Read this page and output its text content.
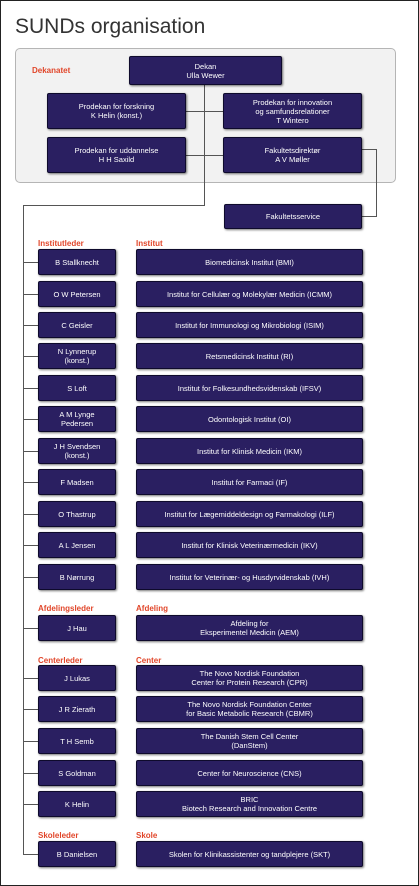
SUNDs organisation
Dekanatet	Dekan
Ulla Wewer
Prodekan for forskning
K Helin (konst.)
Prodekan for innovation
og samfundsrelationer
T Wintero
Prodekan for uddannelse
H H Saxild
Fakultetsdirektør
A V Møller
Fakultetsservice
Institutleder	Institut
Afdelingsleder	Afdeling
Centerleder	Center
Skoleleder	Skole
B Stallknecht	Biomedicinsk Institut (BMI)
O W Petersen	Institut for Cellulær og Molekylær Medicin (ICMM)
C Geisler	Institut for Immunologi og Mikrobiologi (ISIM)
N Lynnerup
(konst.)	Retsmedicinsk Institut (RI)
S Loft	Institut for Folkesundhedsvidenskab (IFSV)
A M Lynge
Pedersen	Odontologisk Institut (OI)
J H Svendsen
(konst.)	Institut for Klinisk Medicin (IKM)
F Madsen	Institut for Farmaci (IF)
O Thastrup	Institut for Lægemiddeldesign og Farmakologi (ILF)
A L Jensen	Institut for Klinisk Veterinærmedicin (IKV)
B Nørrung	Institut for Veterinær- og Husdyrvidenskab (IVH)
J Hau	Afdeling for
Eksperimentel Medicin (AEM)
J Lukas	The Novo Nordisk Foundation
Center for Protein Research (CPR)
J R Zierath	The Novo Nordisk Foundation Center
for Basic Metabolic Research (CBMR)
T H Semb	The Danish Stem Cell Center
(DanStem)
S Goldman	Center for Neuroscience (CNS)
K Helin	BRIC
Biotech Research and Innovation Centre
B Danielsen	Skolen for Klinikassistenter og tandplejere (SKT)
